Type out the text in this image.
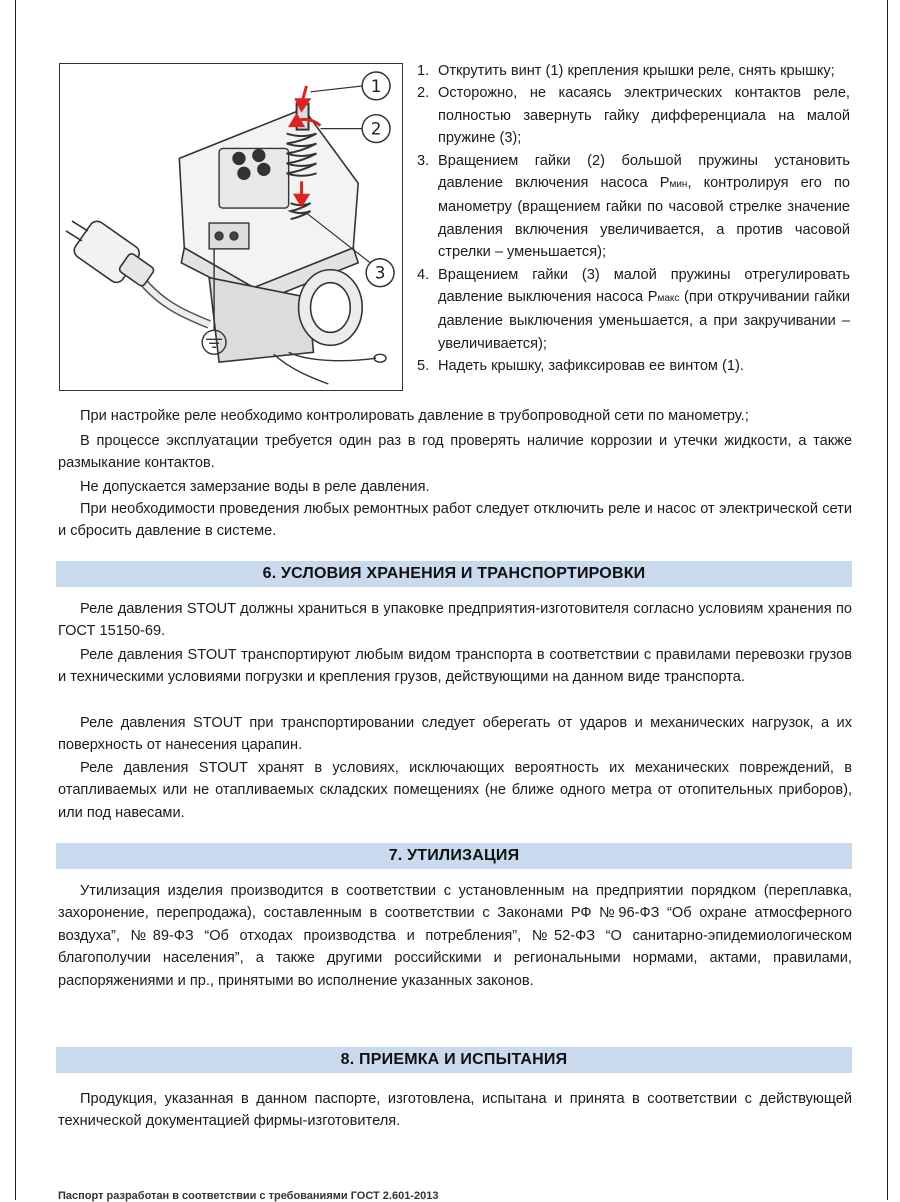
1
2
3
1. Открутить винт (1) крепления крышки реле, снять крышку;
2. Осторожно, не касаясь электрических контактов реле, полностью завернуть гайку дифференциала на малой пружине (3);
3. Вращением гайки (2) большой пружины установить давление включения насоса Pмин, контролируя его по манометру (вращением гайки по часовой стрелке значение давления включения увеличивается, а против часовой стрелки – уменьшается);
4. Вращением гайки (3) малой пружины отрегулировать давление выключения насоса Pмакс (при откручивании гайки давление выключения уменьшается, а при закручивании – увеличивается);
5. Надеть крышку, зафиксировав ее винтом (1).

При настройке реле необходимо контролировать давление в трубопроводной сети по манометру.;

В процессе эксплуатации требуется один раз в год проверять наличие коррозии и утечки жидкости, а также размыкание контактов.

Не допускается замерзание воды в реле давления.

При необходимости проведения любых ремонтных работ следует отключить реле и насос от электрической сети и сбросить давление в системе.

6. УСЛОВИЯ ХРАНЕНИЯ И ТРАНСПОРТИРОВКИ

Реле давления STOUT должны храниться в упаковке предприятия-изготовителя согласно условиям хранения по ГОСТ 15150-69.

Реле давления STOUT транспортируют любым видом транспорта в соответствии с правилами перевозки грузов и техническими условиями погрузки и крепления грузов, действующими на данном виде транспорта.

Реле давления STOUT при транспортировании следует оберегать от ударов и механических нагрузок, а их поверхность от нанесения царапин.

Реле давления STOUT хранят в условиях, исключающих вероятность их механических повреждений, в отапливаемых или не отапливаемых складских помещениях (не ближе одного метра от отопительных приборов), или под навесами.

7. УТИЛИЗАЦИЯ

Утилизация изделия производится в соответствии с установленным на предприятии порядком (переплавка, захоронение, перепродажа), составленным в соответствии с Законами РФ №96-ФЗ “Об охране атмосферного воздуха”, №89-ФЗ “Об отходах производства и потребления”, №52-ФЗ “О санитарно-эпидемиологическом благополучии населения”, а также другими российскими и региональными нормами, актами, правилами, распоряжениями и пр., принятыми во исполнение указанных законов.

8. ПРИЕМКА И ИСПЫТАНИЯ

Продукция, указанная в данном паспорте, изготовлена, испытана и принята в соответствии с действующей технической документацией фирмы-изготовителя.

Паспорт разработан в соответствии с требованиями ГОСТ 2.601-2013
